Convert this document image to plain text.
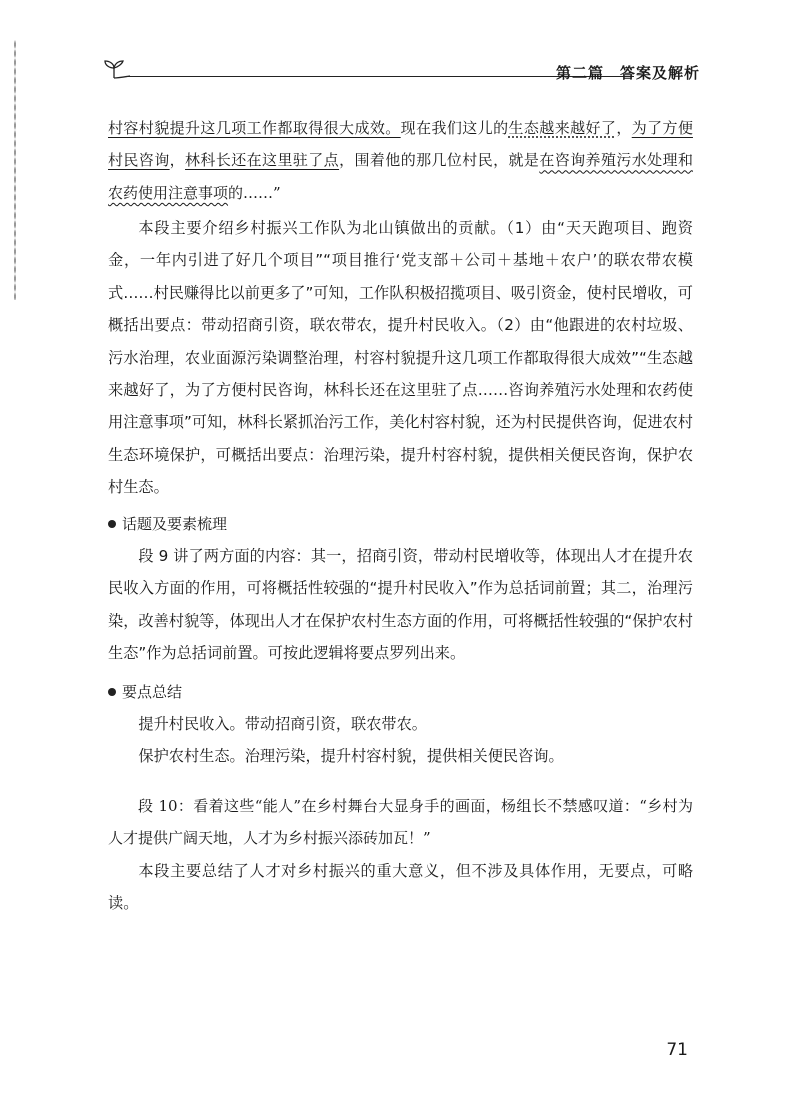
第二篇　答案及解析

村容村貌提升这几项工作都取得很大成效。现在我们这儿的生态越来越好了，为了方便村民咨询，林科长还在这里驻了点，围着他的那几位村民，就是在咨询养殖污水处理和农药使用注意事项的……”

本段主要介绍乡村振兴工作队为北山镇做出的贡献。（1）由“天天跑项目、跑资金，一年内引进了好几个项目”“项目推行‘党支部＋公司＋基地＋农户’的联农带农模式……村民赚得比以前更多了”可知，工作队积极招揽项目、吸引资金，使村民增收，可概括出要点：带动招商引资，联农带农，提升村民收入。（2）由“他跟进的农村垃圾、污水治理，农业面源污染调整治理，村容村貌提升这几项工作都取得很大成效”“生态越来越好了，为了方便村民咨询，林科长还在这里驻了点……咨询养殖污水处理和农药使用注意事项”可知，林科长紧抓治污工作，美化村容村貌，还为村民提供咨询，促进农村生态环境保护，可概括出要点：治理污染，提升村容村貌，提供相关便民咨询，保护农村生态。

话题及要素梳理

段 9 讲了两方面的内容：其一，招商引资，带动村民增收等，体现出人才在提升农民收入方面的作用，可将概括性较强的“提升村民收入”作为总括词前置；其二，治理污染，改善村貌等，体现出人才在保护农村生态方面的作用，可将概括性较强的“保护农村生态”作为总括词前置。可按此逻辑将要点罗列出来。

要点总结

提升村民收入。带动招商引资，联农带农。

保护农村生态。治理污染，提升村容村貌，提供相关便民咨询。

段 10：看着这些“能人”在乡村舞台大显身手的画面，杨组长不禁感叹道：“乡村为人才提供广阔天地，人才为乡村振兴添砖加瓦！”

本段主要总结了人才对乡村振兴的重大意义，但不涉及具体作用，无要点，可略读。

71
